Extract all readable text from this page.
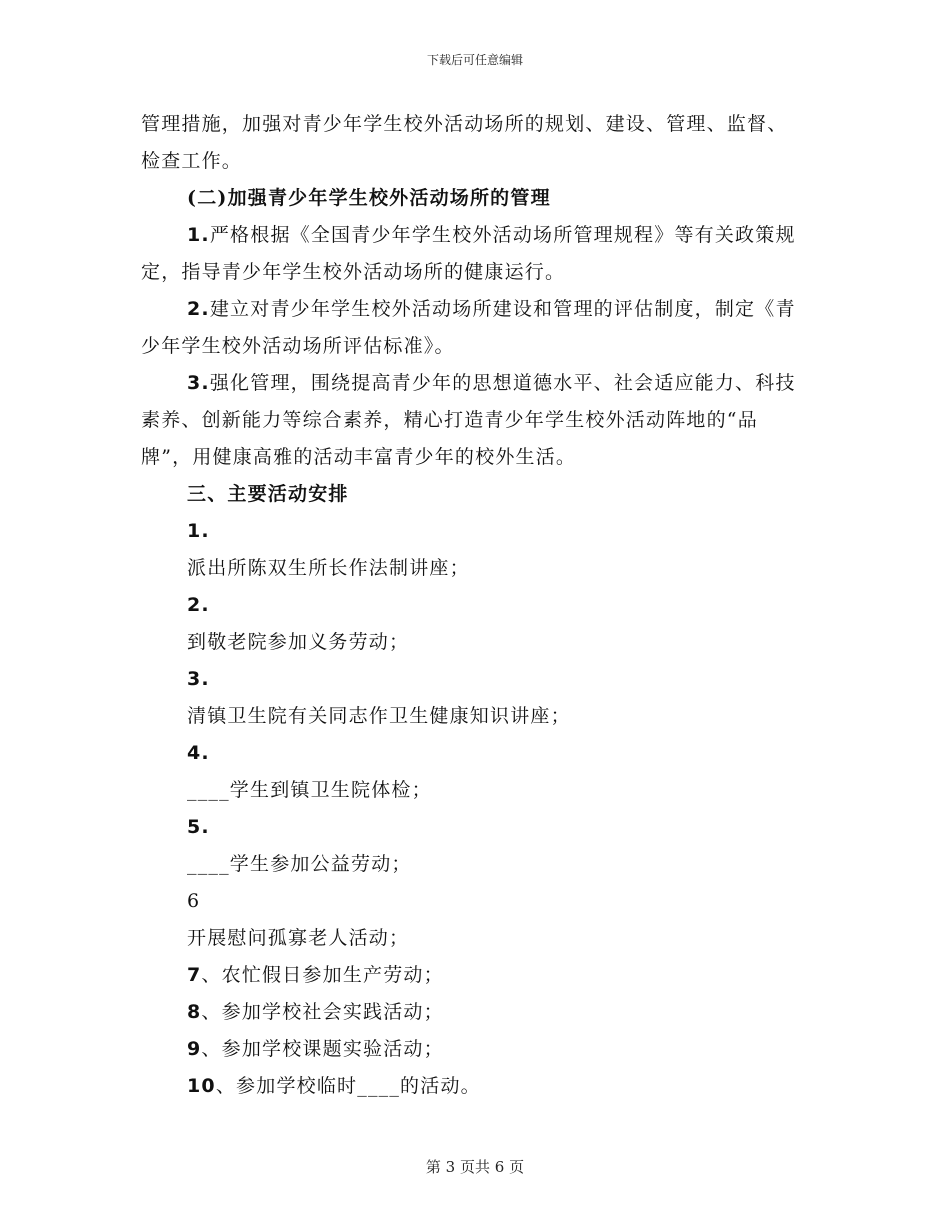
下载后可任意编辑

管理措施，加强对青少年学生校外活动场所的规划、建设、管理、监督、检查工作。

(二)加强青少年学生校外活动场所的管理

1.严格根据《全国青少年学生校外活动场所管理规程》等有关政策规定，指导青少年学生校外活动场所的健康运行。

2.建立对青少年学生校外活动场所建设和管理的评估制度，制定《青少年学生校外活动场所评估标准》。

3.强化管理，围绕提高青少年的思想道德水平、社会适应能力、科技素养、创新能力等综合素养，精心打造青少年学生校外活动阵地的“品牌”，用健康高雅的活动丰富青少年的校外生活。

三、主要活动安排

1.

派出所陈双生所长作法制讲座；

2.

到敬老院参加义务劳动；

3.

清镇卫生院有关同志作卫生健康知识讲座；

4.

____学生到镇卫生院体检；

5.

____学生参加公益劳动；

6

开展慰问孤寡老人活动；

7、农忙假日参加生产劳动；

8、参加学校社会实践活动；

9、参加学校课题实验活动；

10、参加学校临时____的活动。

第 3 页共 6 页
